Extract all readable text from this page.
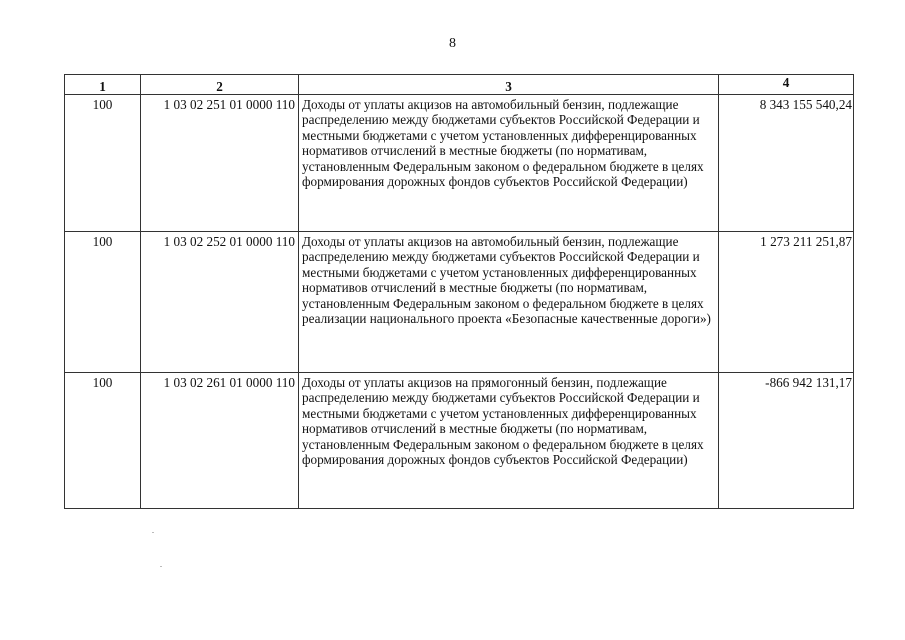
8
1	2	3	4
100	1 03 02 251 01 0000 110	Доходы от уплаты акцизов на автомобильный бензин, подлежащие распределению между бюджетами субъектов Российской Федерации и местными бюджетами с учетом установленных дифференцированных нормативов отчислений в местные бюджеты (по нормативам, установленным Федеральным законом о федеральном бюджете в целях формирования дорожных фондов субъектов Российской Федерации)	8 343 155 540,24
100	1 03 02 252 01 0000 110	Доходы от уплаты акцизов на автомобильный бензин, подлежащие распределению между бюджетами субъектов Российской Федерации и местными бюджетами с учетом установленных дифференцированных нормативов отчислений в местные бюджеты (по нормативам, установленным Федеральным законом о федеральном бюджете в целях реализации национального проекта «Безопасные качественные дороги»)	1 273 211 251,87
100	1 03 02 261 01 0000 110	Доходы от уплаты акцизов на прямогонный бензин, подлежащие распределению между бюджетами субъектов Российской Федерации и местными бюджетами с учетом установленных дифференцированных нормативов отчислений в местные бюджеты (по нормативам, установленным Федеральным законом о федеральном бюджете в целях формирования дорожных фондов субъектов Российской Федерации)	-866 942 131,17
